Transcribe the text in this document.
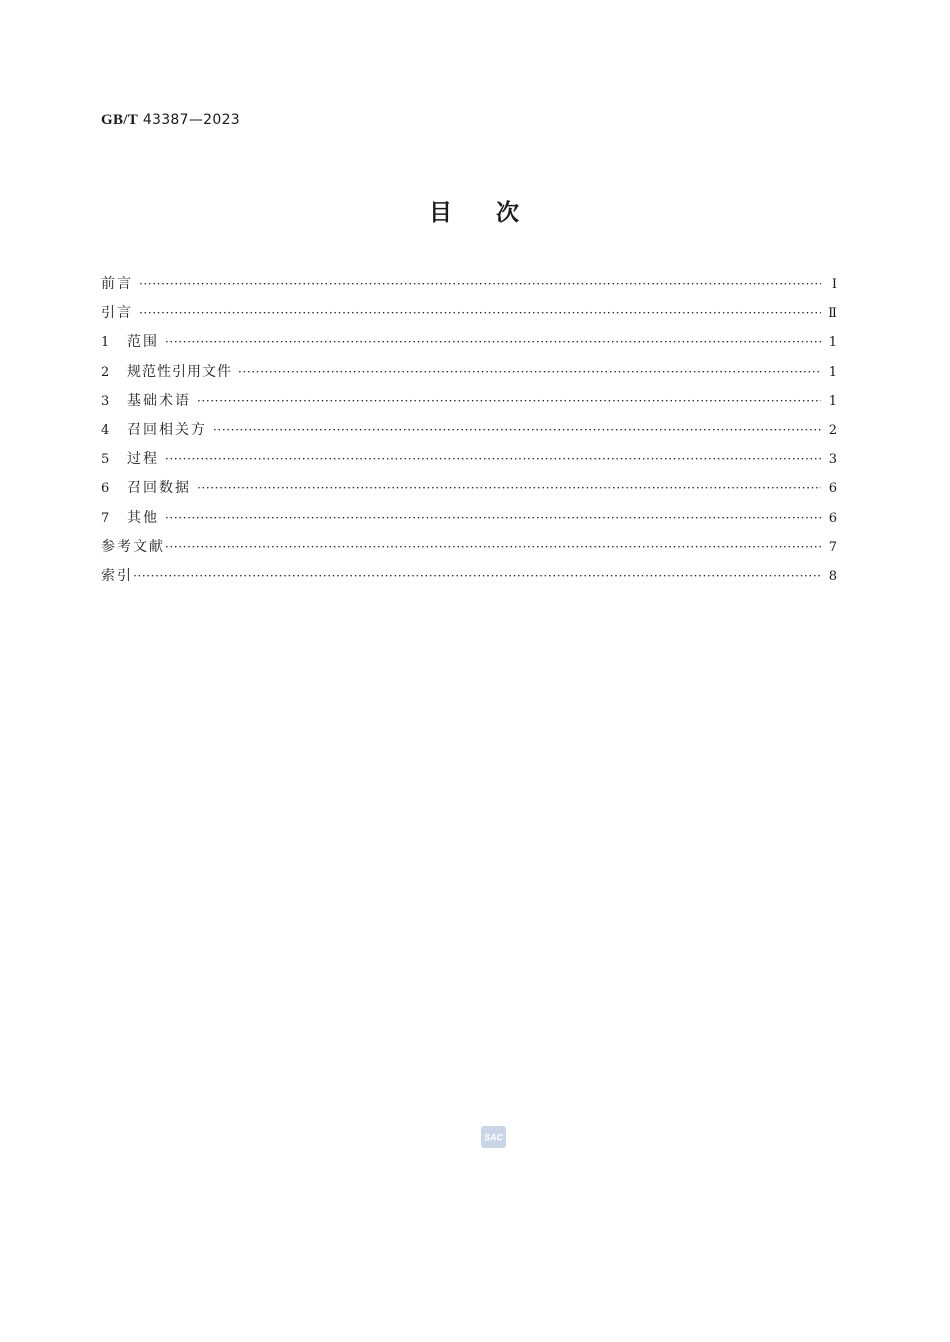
GB/T 43387—2023
目 次
前言 ·····	Ⅰ
引言 ·····	Ⅱ
1	范围 ·····	1
2	规范性引用文件 ·····	1
3	基础术语 ·····	1
4	召回相关方 ·····	2
5	过程 ·····	3
6	召回数据 ·····	6
7	其他 ·····	6
参考文献 ·····	7
索引 ·····	8
SAC
